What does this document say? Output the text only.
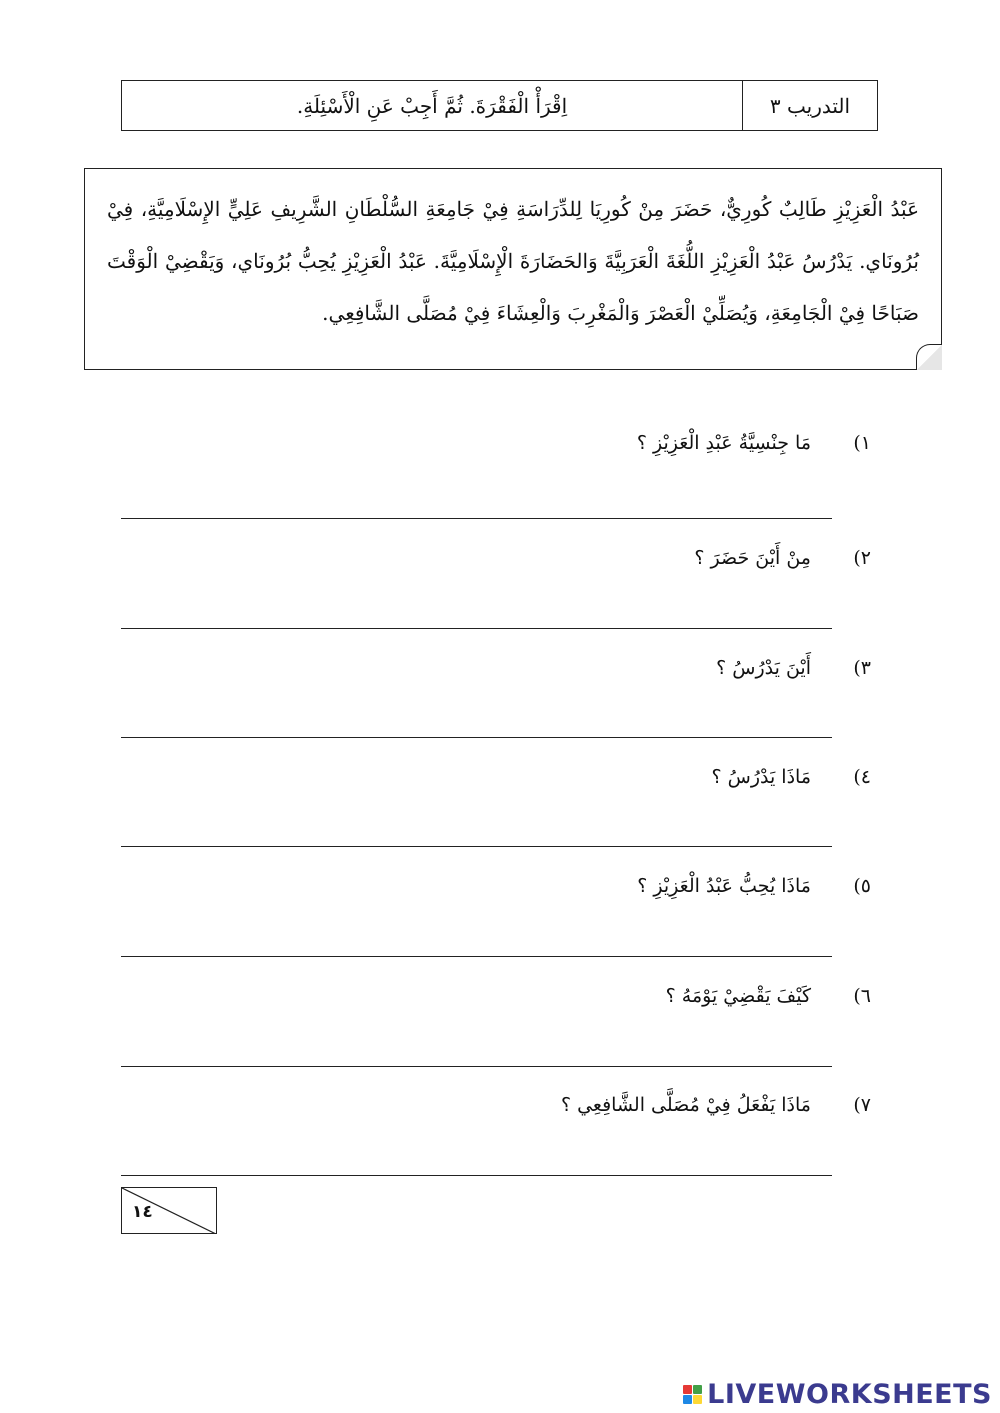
اِقْرَأْ الْفَقْرَةَ. ثُمَّ أَجِبْ عَنِ الْأَسْئِلَةِ.	التدريب ٣

عَبْدُ الْعَزِيْزِ طَالِبٌ كُورِيٌّ، حَضَرَ مِنْ كُورِيَا لِلدِّرَاسَةِ فِيْ جَامِعَةِ السُّلْطَانِ الشَّرِيفِ عَلِيٍّ الإِسْلَامِيَّةِ، فِيْ بُرُونَاي. يَدْرُسُ عَبْدُ الْعَزِيْزِ اللُّغَةَ الْعَرَبِيَّةَ وَالحَضَارَةَ الْإِسْلَامِيَّةَ. عَبْدُ الْعَزِيْزِ يُحِبُّ بُرُونَاي، وَيَقْضِيْ الْوَقْتَ صَبَاحًا فِيْ الْجَامِعَةِ، وَيُصَلِّيْ الْعَصْرَ وَالْمَغْرِبَ وَالْعِشَاءَ فِيْ مُصَلَّى الشَّافِعِي.

١)
مَا جِنْسِيَّةُ عَبْدِ الْعَزِيْزِ ؟
٢)
مِنْ أَيْنَ حَضَرَ ؟
٣)
أَيْنَ يَدْرُسُ ؟
٤)
مَاذَا يَدْرُسُ ؟
٥)
مَاذَا يُحِبُّ عَبْدُ الْعَزِيْزِ ؟
٦)
كَيْفَ يَقْضِيْ يَوْمَهُ ؟
٧)
مَاذَا يَفْعَلُ فِيْ مُصَلَّى الشَّافِعِي ؟
١٤
LIVEWORKSHEETS
